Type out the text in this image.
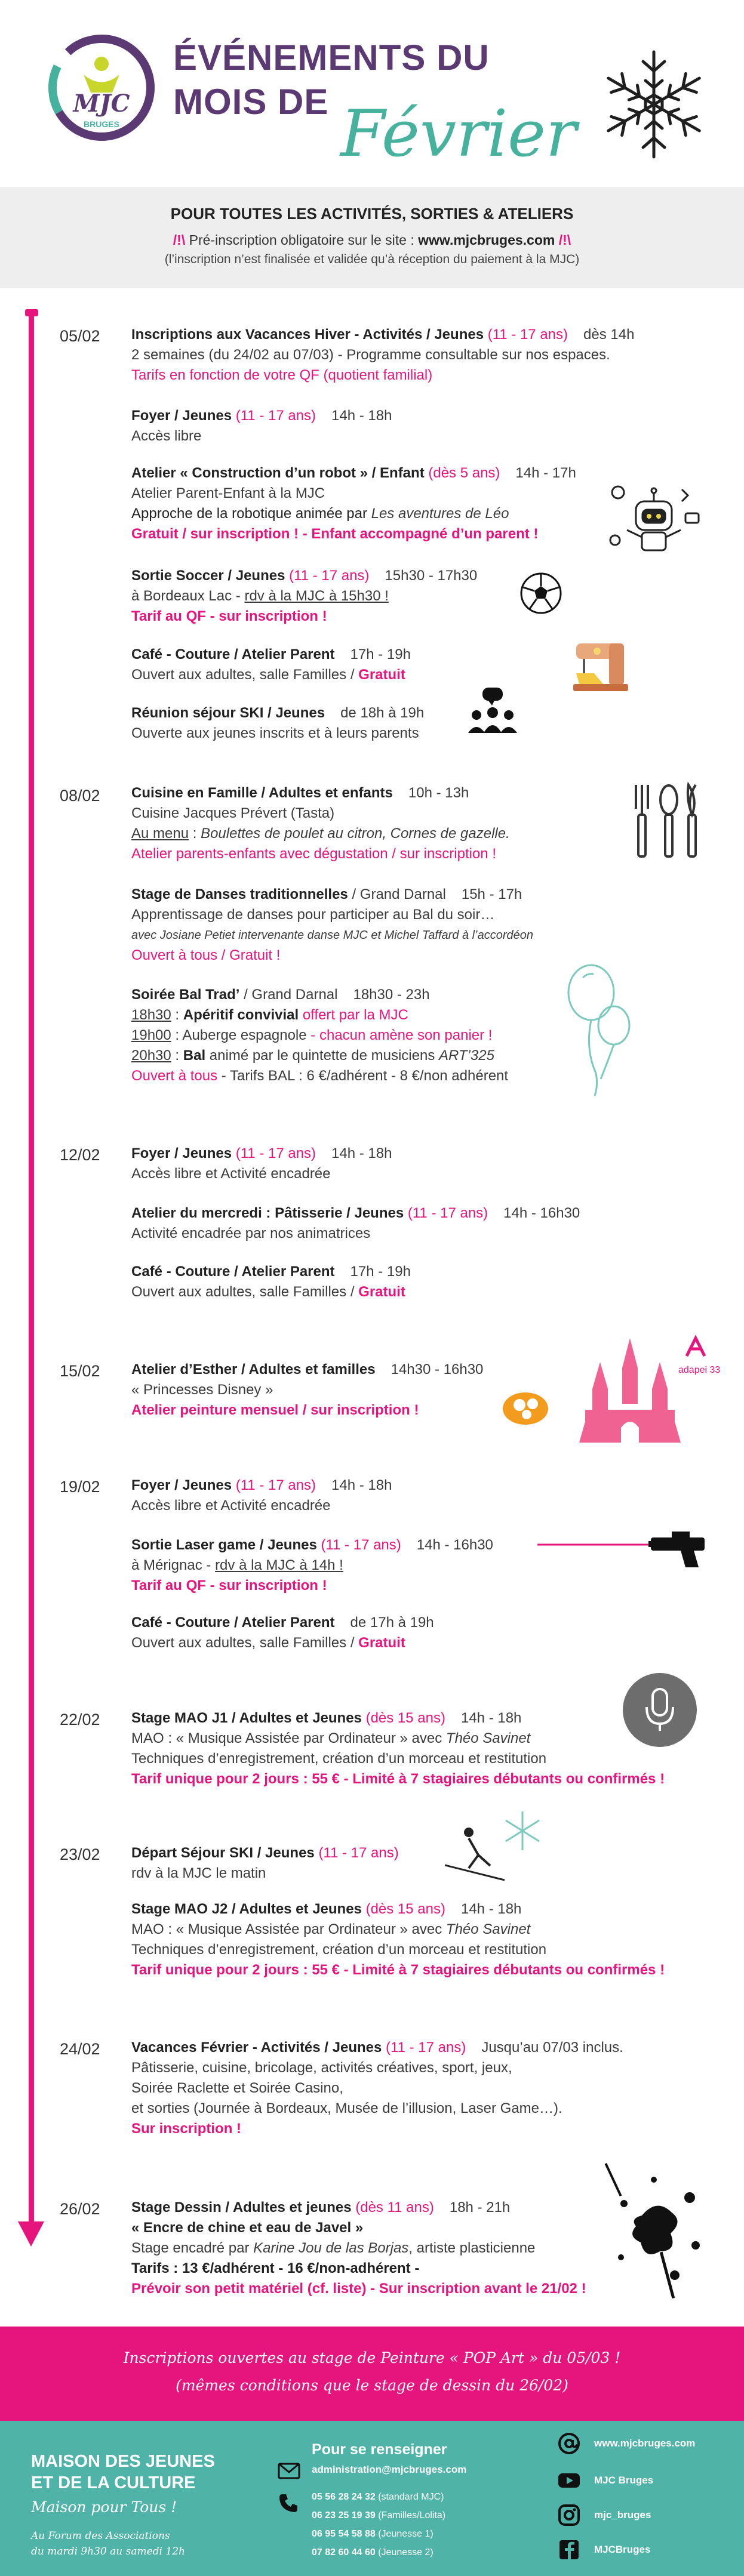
MJC
BRUGES
ÉVÉNEMENTS DU
MOIS DE Février
POUR TOUTES LES ACTIVITÉS, SORTIES & ATELIERS
/!\ Pré-inscription obligatoire sur le site : www.mjcbruges.com /!\
(l’inscription n’est finalisée et validée qu’à réception du paiement à la MJC)
05/02 Inscriptions aux Vacances Hiver - Activités / Jeunes (11 - 17 ans) dès 14h
2 semaines (du 24/02 au 07/03) - Programme consultable sur nos espaces.
Tarifs en fonction de votre QF (quotient familial)
Foyer / Jeunes (11 - 17 ans) 14h - 18h
Accès libre
Atelier « Construction d’un robot » / Enfant (dès 5 ans) 14h - 17h
Atelier Parent-Enfant à la MJC
Approche de la robotique animée par Les aventures de Léo
Gratuit / sur inscription ! - Enfant accompagné d’un parent !
Sortie Soccer / Jeunes (11 - 17 ans) 15h30 - 17h30
à Bordeaux Lac - rdv à la MJC à 15h30 !
Tarif au QF - sur inscription !
Café - Couture / Atelier Parent 17h - 19h
Ouvert aux adultes, salle Familles / Gratuit
Réunion séjour SKI / Jeunes de 18h à 19h
Ouverte aux jeunes inscrits et à leurs parents
08/02 Cuisine en Famille / Adultes et enfants 10h - 13h
Cuisine Jacques Prévert (Tasta)
Au menu : Boulettes de poulet au citron, Cornes de gazelle.
Atelier parents-enfants avec dégustation / sur inscription !
Stage de Danses traditionnelles / Grand Darnal 15h - 17h
Apprentissage de danses pour participer au Bal du soir…
avec Josiane Petiet intervenante danse MJC et Michel Taffard à l’accordéon
Ouvert à tous / Gratuit !
Soirée Bal Trad’ / Grand Darnal 18h30 - 23h
18h30 : Apéritif convivial offert par la MJC
19h00 : Auberge espagnole - chacun amène son panier !
20h30 : Bal animé par le quintette de musiciens ART’325
Ouvert à tous - Tarifs BAL : 6 €/adhérent - 8 €/non adhérent
12/02 Foyer / Jeunes (11 - 17 ans) 14h - 18h
Accès libre et Activité encadrée
Atelier du mercredi : Pâtisserie / Jeunes (11 - 17 ans) 14h - 16h30
Activité encadrée par nos animatrices
Café - Couture / Atelier Parent 17h - 19h
Ouvert aux adultes, salle Familles / Gratuit
15/02 Atelier d’Esther / Adultes et familles 14h30 - 16h30
« Princesses Disney »
Atelier peinture mensuel / sur inscription !
adapei 33
19/02 Foyer / Jeunes (11 - 17 ans) 14h - 18h
Accès libre et Activité encadrée
Sortie Laser game / Jeunes (11 - 17 ans) 14h - 16h30
à Mérignac - rdv à la MJC à 14h !
Tarif au QF - sur inscription !
Café - Couture / Atelier Parent de 17h à 19h
Ouvert aux adultes, salle Familles / Gratuit
22/02 Stage MAO J1 / Adultes et Jeunes (dès 15 ans) 14h - 18h
MAO : « Musique Assistée par Ordinateur » avec Théo Savinet
Techniques d’enregistrement, création d’un morceau et restitution
Tarif unique pour 2 jours : 55 € - Limité à 7 stagiaires débutants ou confirmés !
23/02 Départ Séjour SKI / Jeunes (11 - 17 ans)
rdv à la MJC le matin
Stage MAO J2 / Adultes et Jeunes (dès 15 ans) 14h - 18h
MAO : « Musique Assistée par Ordinateur » avec Théo Savinet
Techniques d’enregistrement, création d’un morceau et restitution
Tarif unique pour 2 jours : 55 € - Limité à 7 stagiaires débutants ou confirmés !
24/02 Vacances Février - Activités / Jeunes (11 - 17 ans) Jusqu’au 07/03 inclus.
Pâtisserie, cuisine, bricolage, activités créatives, sport, jeux,
Soirée Raclette et Soirée Casino,
et sorties (Journée à Bordeaux, Musée de l’illusion, Laser Game…).
Sur inscription !
26/02 Stage Dessin / Adultes et jeunes (dès 11 ans) 18h - 21h
« Encre de chine et eau de Javel »
Stage encadré par Karine Jou de las Borjas, artiste plasticienne
Tarifs : 13 €/adhérent - 16 €/non-adhérent -
Prévoir son petit matériel (cf. liste) - Sur inscription avant le 21/02 !
Inscriptions ouvertes au stage de Peinture « POP Art » du 05/03 !
(mêmes conditions que le stage de dessin du 26/02)
MAISON DES JEUNES
ET DE LA CULTURE
Maison pour Tous !
Au Forum des Associations
du mardi 9h30 au samedi 12h
Pour se renseigner
administration@mjcbruges.com
05 56 28 24 32 (standard MJC)
06 23 25 19 39 (Familles/Lolita)
06 95 54 58 88 (Jeunesse 1)
07 82 60 44 60 (Jeunesse 2)
www.mjcbruges.com
MJC Bruges
mjc_bruges
MJCBruges
